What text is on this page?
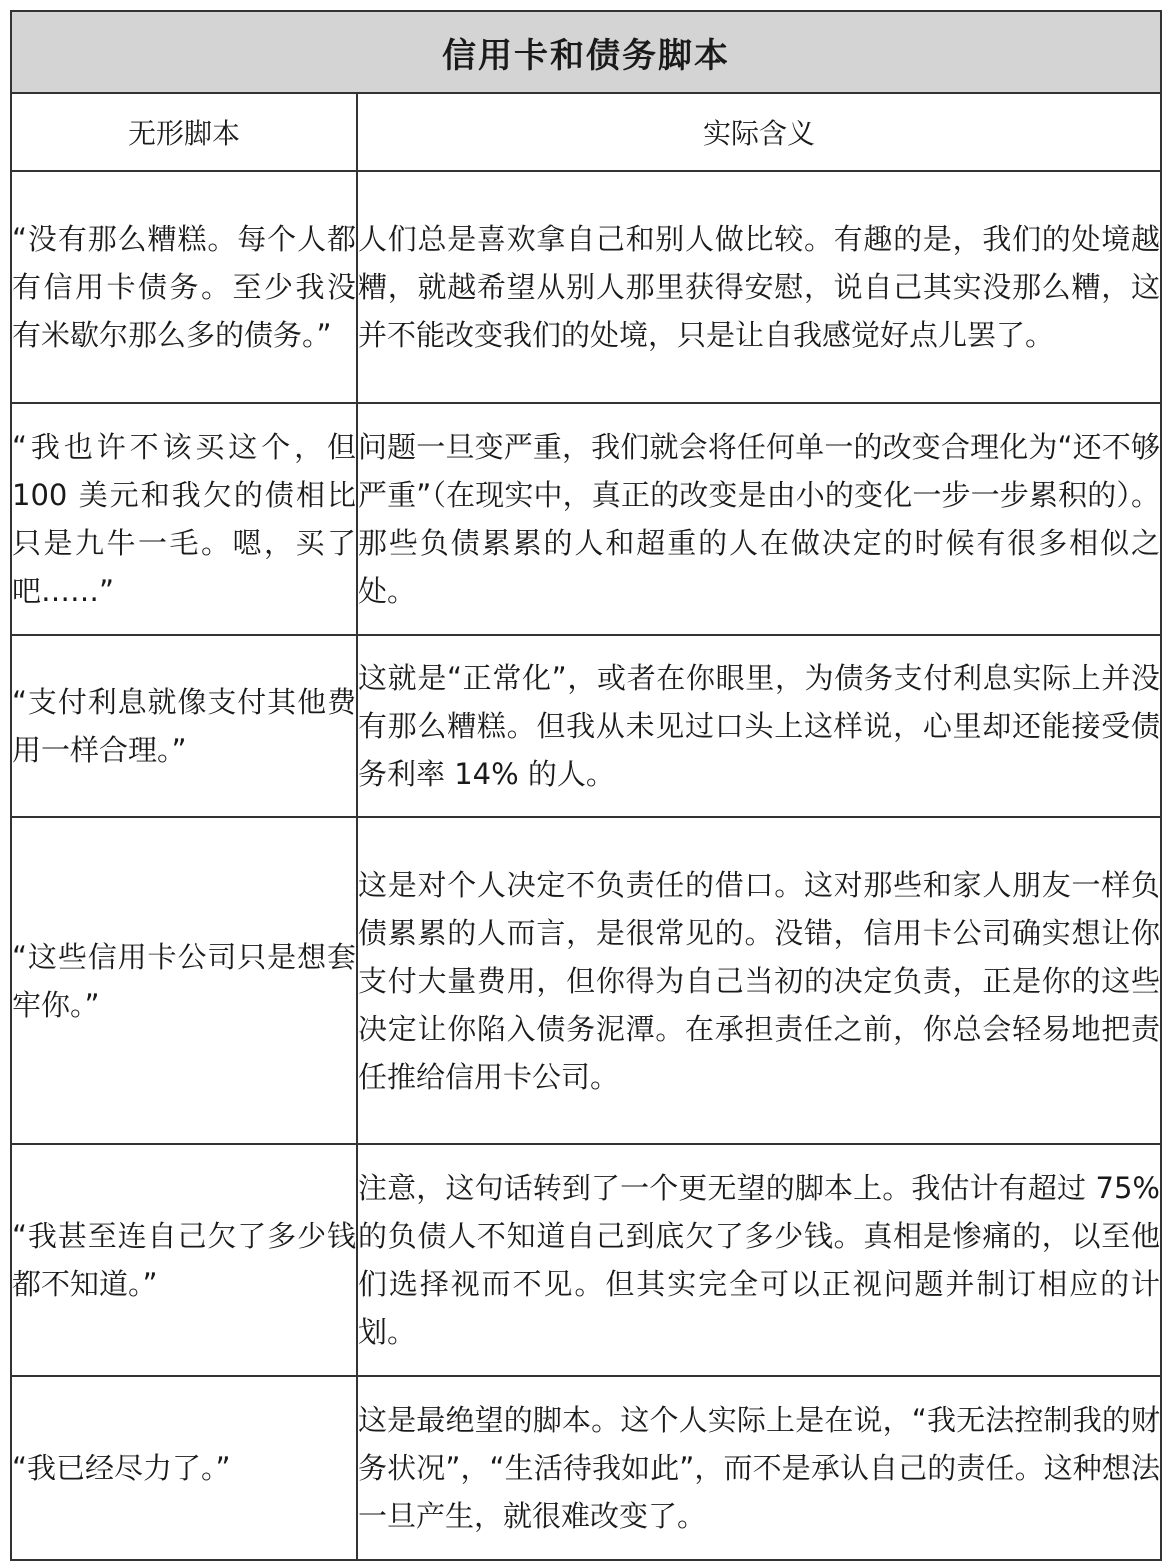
信用卡和债务脚本	
无形脚本	实际含义
“没有那么糟糕。每个人都有信用卡债务。至少我没有米歇尔那么多的债务。”	人们总是喜欢拿自己和别人做比较。有趣的是，我们的处境越糟，就越希望从别人那里获得安慰，说自己其实没那么糟，这并不能改变我们的处境，只是让自我感觉好点儿罢了。
“我也许不该买这个，但 100 美元和我欠的债相比只是九牛一毛。嗯，买了吧……”	问题一旦变严重，我们就会将任何单一的改变合理化为“还不够严重”（在现实中，真正的改变是由小的变化一步一步累积的）。那些负债累累的人和超重的人在做决定的时候有很多相似之处。
“支付利息就像支付其他费用一样合理。”	这就是“正常化”，或者在你眼里，为债务支付利息实际上并没有那么糟糕。但我从未见过口头上这样说，心里却还能接受债务利率 14% 的人。
“这些信用卡公司只是想套牢你。”	这是对个人决定不负责任的借口。这对那些和家人朋友一样负债累累的人而言，是很常见的。没错，信用卡公司确实想让你支付大量费用，但你得为自己当初的决定负责，正是你的这些决定让你陷入债务泥潭。在承担责任之前，你总会轻易地把责任推给信用卡公司。
“我甚至连自己欠了多少钱都不知道。”	注意，这句话转到了一个更无望的脚本上。我估计有超过 75% 的负债人不知道自己到底欠了多少钱。真相是惨痛的，以至他们选择视而不见。但其实完全可以正视问题并制订相应的计划。
“我已经尽力了。”	这是最绝望的脚本。这个人实际上是在说，“我无法控制我的财务状况”，“生活待我如此”，而不是承认自己的责任。这种想法一旦产生，就很难改变了。
